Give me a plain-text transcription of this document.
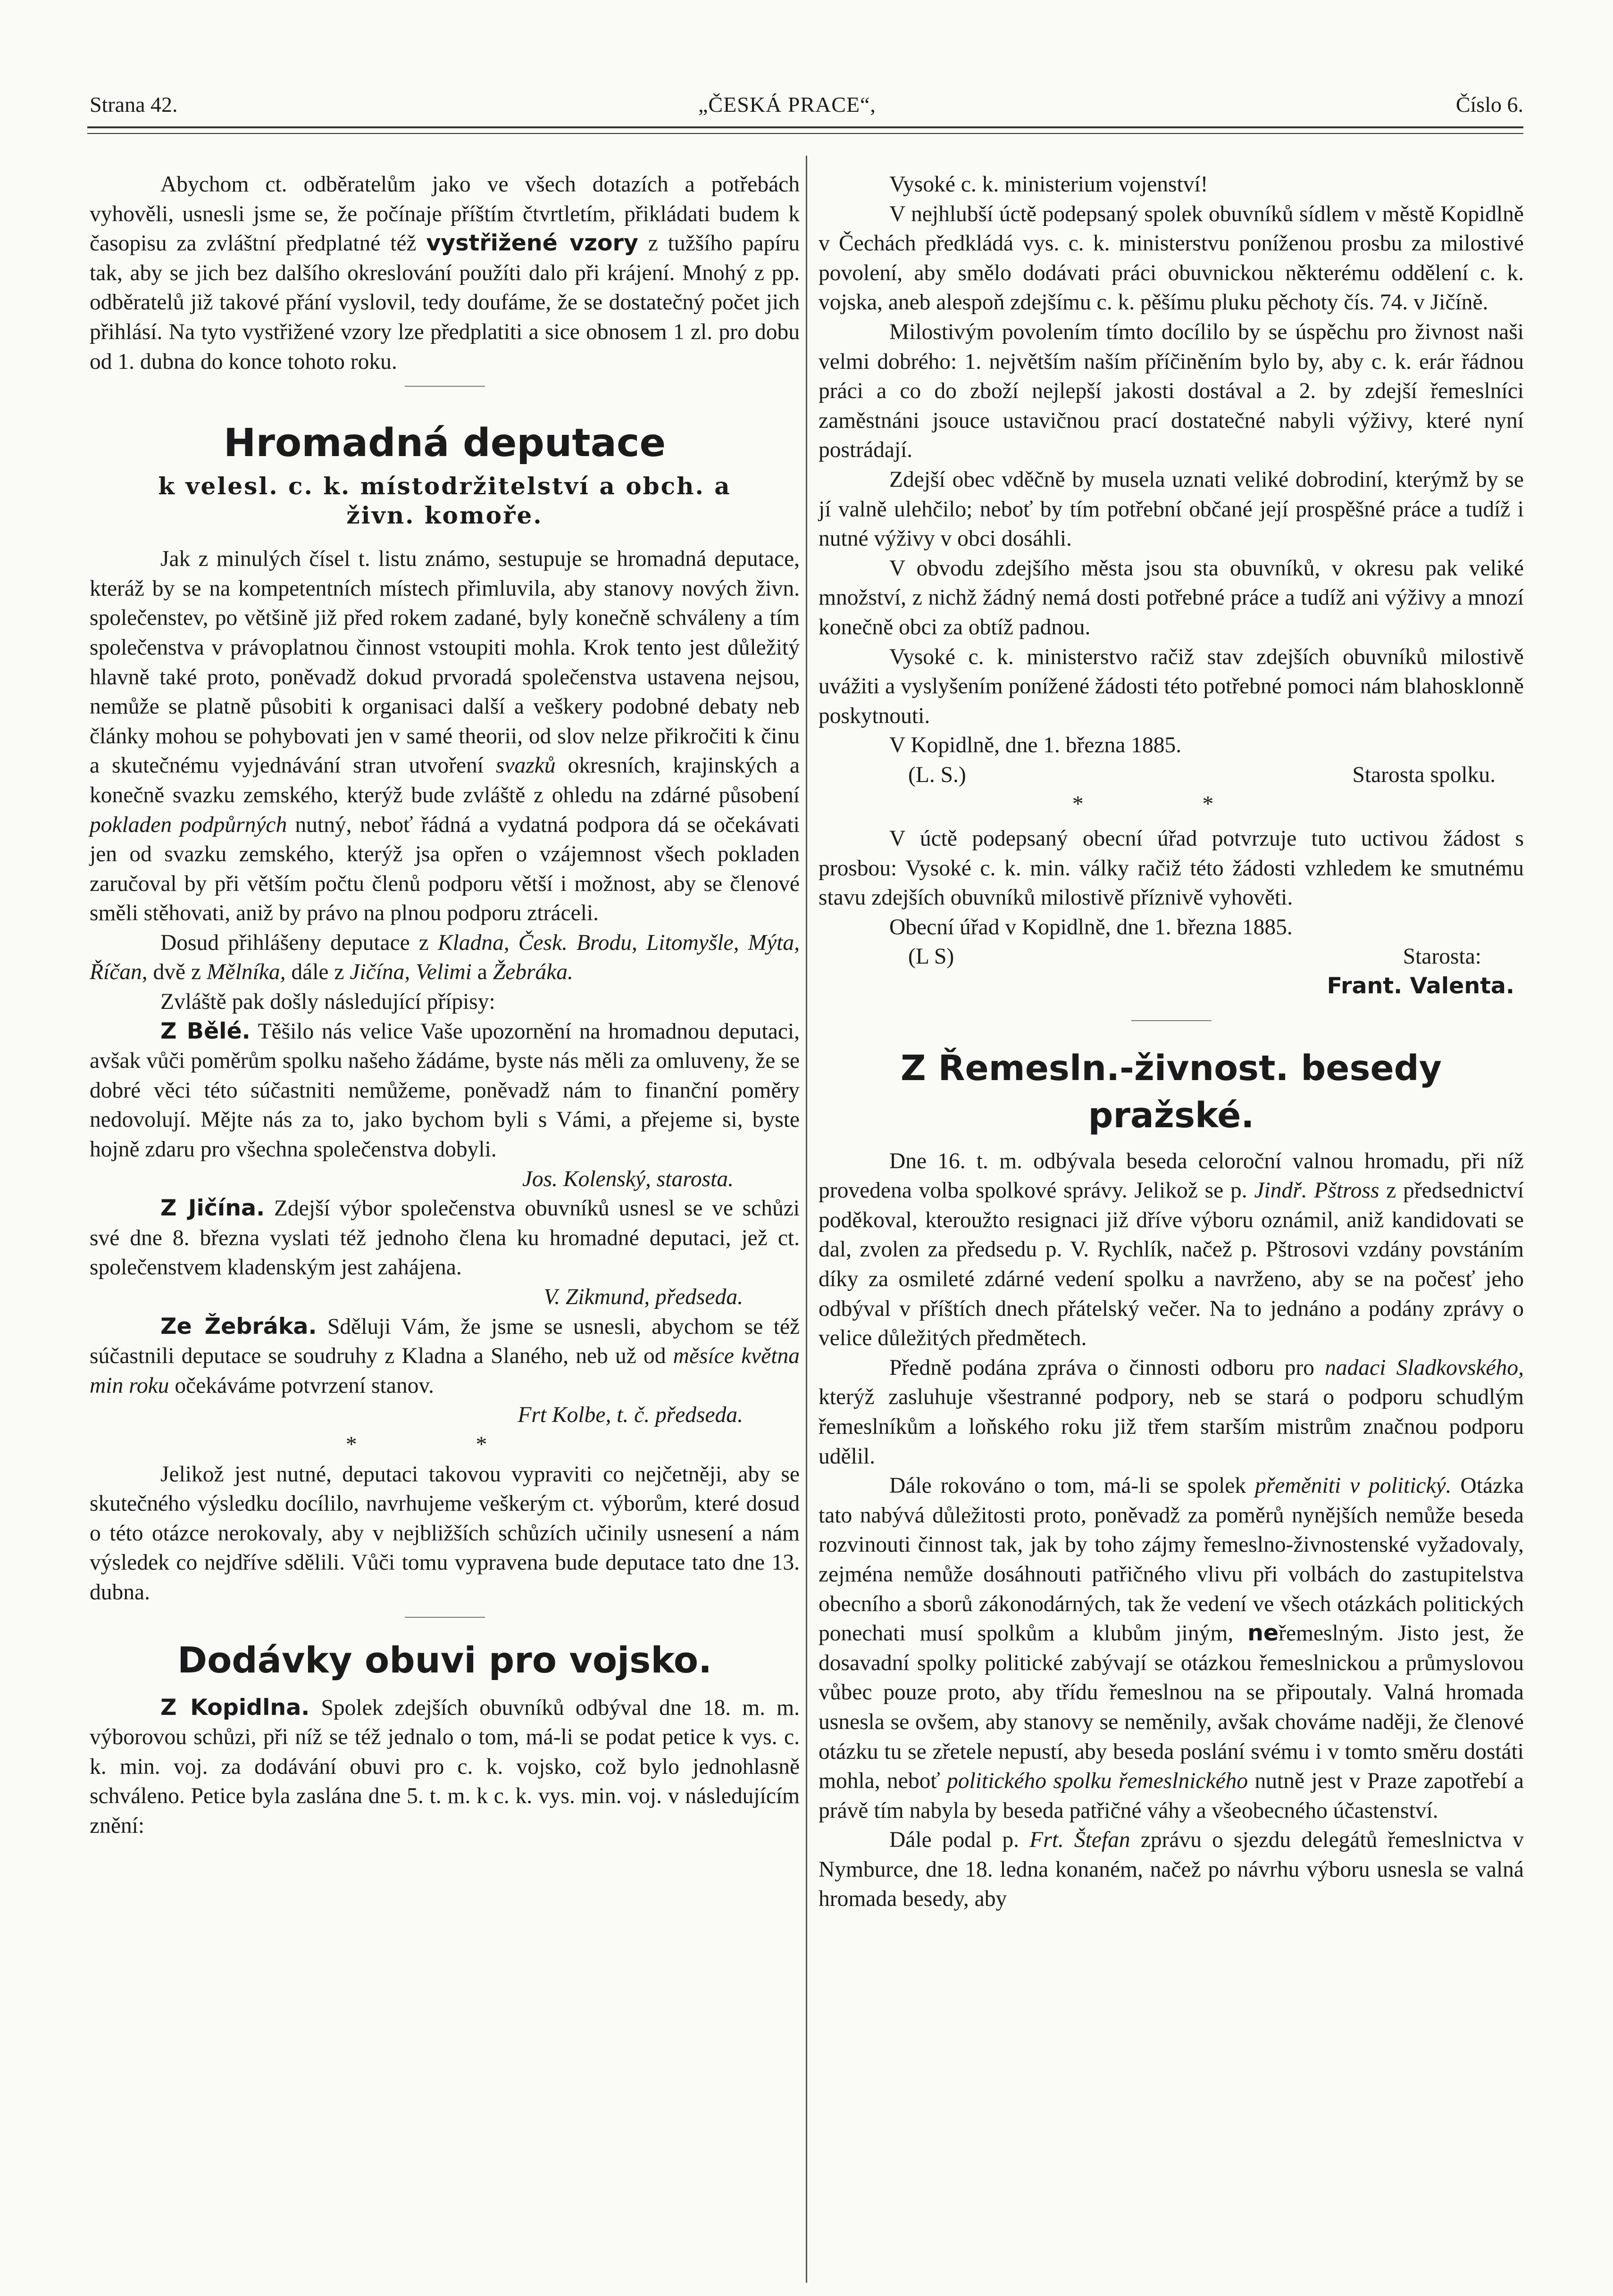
Strana 42.	„ČESKÁ PRACE“,	Číslo 6.

Abychom ct. odběratelům jako ve všech dotazích a potřebách vyhověli, usnesli jsme se, že počínaje příštím čtvrtletím, přikládati budem k časopisu za zvláštní předplatné též vystřižené vzory z tužšího papíru tak, aby se jich bez dalšího okreslování použíti dalo při krájení. Mnohý z pp. odběratelů již takové přání vyslovil, tedy doufáme, že se dostatečný počet jich přihlásí. Na tyto vystřižené vzory lze předplatiti a sice obnosem 1 zl. pro dobu od 1. dubna do konce tohoto roku.

Hromadná deputace

k velesl. c. k. místodržitelství a obch. a

živn. komoře.

Jak z minulých čísel t. listu známo, sestupuje se hromadná deputace, kteráž by se na kompetentních místech přimluvila, aby stanovy nových živn. společenstev, po většině již před rokem zadané, byly konečně schváleny a tím společenstva v právoplatnou činnost vstoupiti mohla. Krok tento jest důležitý hlavně také proto, poněvadž dokud prvoradá společenstva ustavena nejsou, nemůže se platně působiti k organisaci další a veškery podobné debaty neb články mohou se pohybovati jen v samé theorii, od slov nelze přikročiti k činu a skutečnému vyjednávání stran utvoření svazků okresních, krajinských a konečně svazku zemského, kterýž bude zvláště z ohledu na zdárné působení pokladen podpůrných nutný, neboť řádná a vydatná podpora dá se očekávati jen od svazku zemského, kterýž jsa opřen o vzájemnost všech pokladen zaručoval by při větším počtu členů podporu větší i možnost, aby se členové směli stěhovati, aniž by právo na plnou podporu ztráceli.

Dosud přihlášeny deputace z Kladna, Česk. Brodu, Litomyšle, Mýta, Říčan, dvě z Mělníka, dále z Jičína, Velimi a Žebráka.

Zvláště pak došly následující přípisy:

Z Bělé. Těšilo nás velice Vaše upozornění na hromadnou deputaci, avšak vůči poměrům spolku našeho žádáme, byste nás měli za omluveny, že se dobré věci této súčastniti nemůžeme, poněvadž nám to finanční poměry nedovolují. Mějte nás za to, jako bychom byli s Vámi, a přejeme si, byste hojně zdaru pro všechna společenstva dobyli.

Jos. Kolenský, starosta.

Z Jičína. Zdejší výbor společenstva obuvníků usnesl se ve schůzi své dne 8. března vyslati též jednoho člena ku hromadné deputaci, jež ct. společenstvem kladenským jest zahájena.

V. Zikmund, předseda.

Ze Žebráka. Sděluji Vám, že jsme se usnesli, abychom se též súčastnili deputace se soudruhy z Kladna a Slaného, neb už od měsíce května min roku očekáváme potvrzení stanov.

Frt Kolbe, t. č. předseda.

* *

Jelikož jest nutné, deputaci takovou vypraviti co nejčetněji, aby se skutečného výsledku docílilo, navrhujeme veškerým ct. výborům, které dosud o této otázce nerokovaly, aby v nejbližších schůzích učinily usnesení a nám výsledek co nejdříve sdělili. Vůči tomu vypravena bude deputace tato dne 13. dubna.

Dodávky obuvi pro vojsko.

Z Kopidlna. Spolek zdejších obuvníků odbýval dne 18. m. m. výborovou schůzi, při níž se též jednalo o tom, má-li se podat petice k vys. c. k. min. voj. za dodávání obuvi pro c. k. vojsko, což bylo jednohlasně schváleno. Petice byla zaslána dne 5. t. m. k c. k. vys. min. voj. v následujícím znění:

Vysoké c. k. ministerium vojenství!

V nejhlubší úctě podepsaný spolek obuvníků sídlem v městě Kopidlně v Čechách předkládá vys. c. k. ministerstvu poníženou prosbu za milostivé povolení, aby smělo dodávati práci obuvnickou některému oddělení c. k. vojska, aneb alespoň zdejšímu c. k. pěšímu pluku pěchoty čís. 74. v Jičíně.

Milostivým povolením tímto docílilo by se úspěchu pro živnost naši velmi dobrého: 1. největším naším příčiněním bylo by, aby c. k. erár řádnou práci a co do zboží nejlepší jakosti dostával a 2. by zdejší řemeslníci zaměstnáni jsouce ustavičnou prací dostatečné nabyli výživy, které nyní postrádají.

Zdejší obec vděčně by musela uznati veliké dobrodiní, kterýmž by se jí valně ulehčilo; neboť by tím potřební občané její prospěšné práce a tudíž i nutné výživy v obci dosáhli.

V obvodu zdejšího města jsou sta obuvníků, v okresu pak veliké množství, z nichž žádný nemá dosti potřebné práce a tudíž ani výživy a mnozí konečně obci za obtíž padnou.

Vysoké c. k. ministerstvo račiž stav zdejších obuvníků milostivě uvážiti a vyslyšením ponížené žádosti této potřebné pomoci nám blahosklonně poskytnouti.

V Kopidlně, dne 1. března 1885.

(L. S.)	Starosta spolku.

* *

V úctě podepsaný obecní úřad potvrzuje tuto uctivou žádost s prosbou: Vysoké c. k. min. války račiž této žádosti vzhledem ke smutnému stavu zdejších obuvníků milostivě příznivě vyhověti.

Obecní úřad v Kopidlně, dne 1. března 1885.

(L S)	Starosta:

Frant. Valenta.

Z Řemesln.-živnost. besedy pražské.

Dne 16. t. m. odbývala beseda celoroční valnou hromadu, při níž provedena volba spolkové správy. Jelikož se p. Jindř. Pštross z předsednictví poděkoval, kteroužto resignaci již dříve výboru oznámil, aniž kandidovati se dal, zvolen za předsedu p. V. Rychlík, načež p. Pštrosovi vzdány povstáním díky za osmileté zdárné vedení spolku a navrženo, aby se na počesť jeho odbýval v příštích dnech přátelský večer. Na to jednáno a podány zprávy o velice důležitých předmětech.

Předně podána zpráva o činnosti odboru pro nadaci Sladkovského, kterýž zasluhuje všestranné podpory, neb se stará o podporu schudlým řemeslníkům a loňského roku již třem starším mistrům značnou podporu udělil.

Dále rokováno o tom, má-li se spolek přeměniti v politický. Otázka tato nabývá důležitosti proto, poněvadž za poměrů nynějších nemůže beseda rozvinouti činnost tak, jak by toho zájmy řemeslno-živnostenské vyžadovaly, zejména nemůže dosáhnouti patřičného vlivu při volbách do zastupitelstva obecního a sborů zákonodárných, tak že vedení ve všech otázkách politických ponechati musí spolkům a klubům jiným, neřemeslným. Jisto jest, že dosavadní spolky politické zabývají se otázkou řemeslnickou a průmyslovou vůbec pouze proto, aby třídu řemeslnou na se připoutaly. Valná hromada usnesla se ovšem, aby stanovy se neměnily, avšak chováme naději, že členové otázku tu se zřetele nepustí, aby beseda poslání svému i v tomto směru dostáti mohla, neboť politického spolku řemeslnického nutně jest v Praze zapotřebí a právě tím nabyla by beseda patřičné váhy a všeobecného účastenství.

Dále podal p. Frt. Štefan zprávu o sjezdu delegátů řemeslnictva v Nymburce, dne 18. ledna konaném, načež po návrhu výboru usnesla se valná hromada besedy, aby
